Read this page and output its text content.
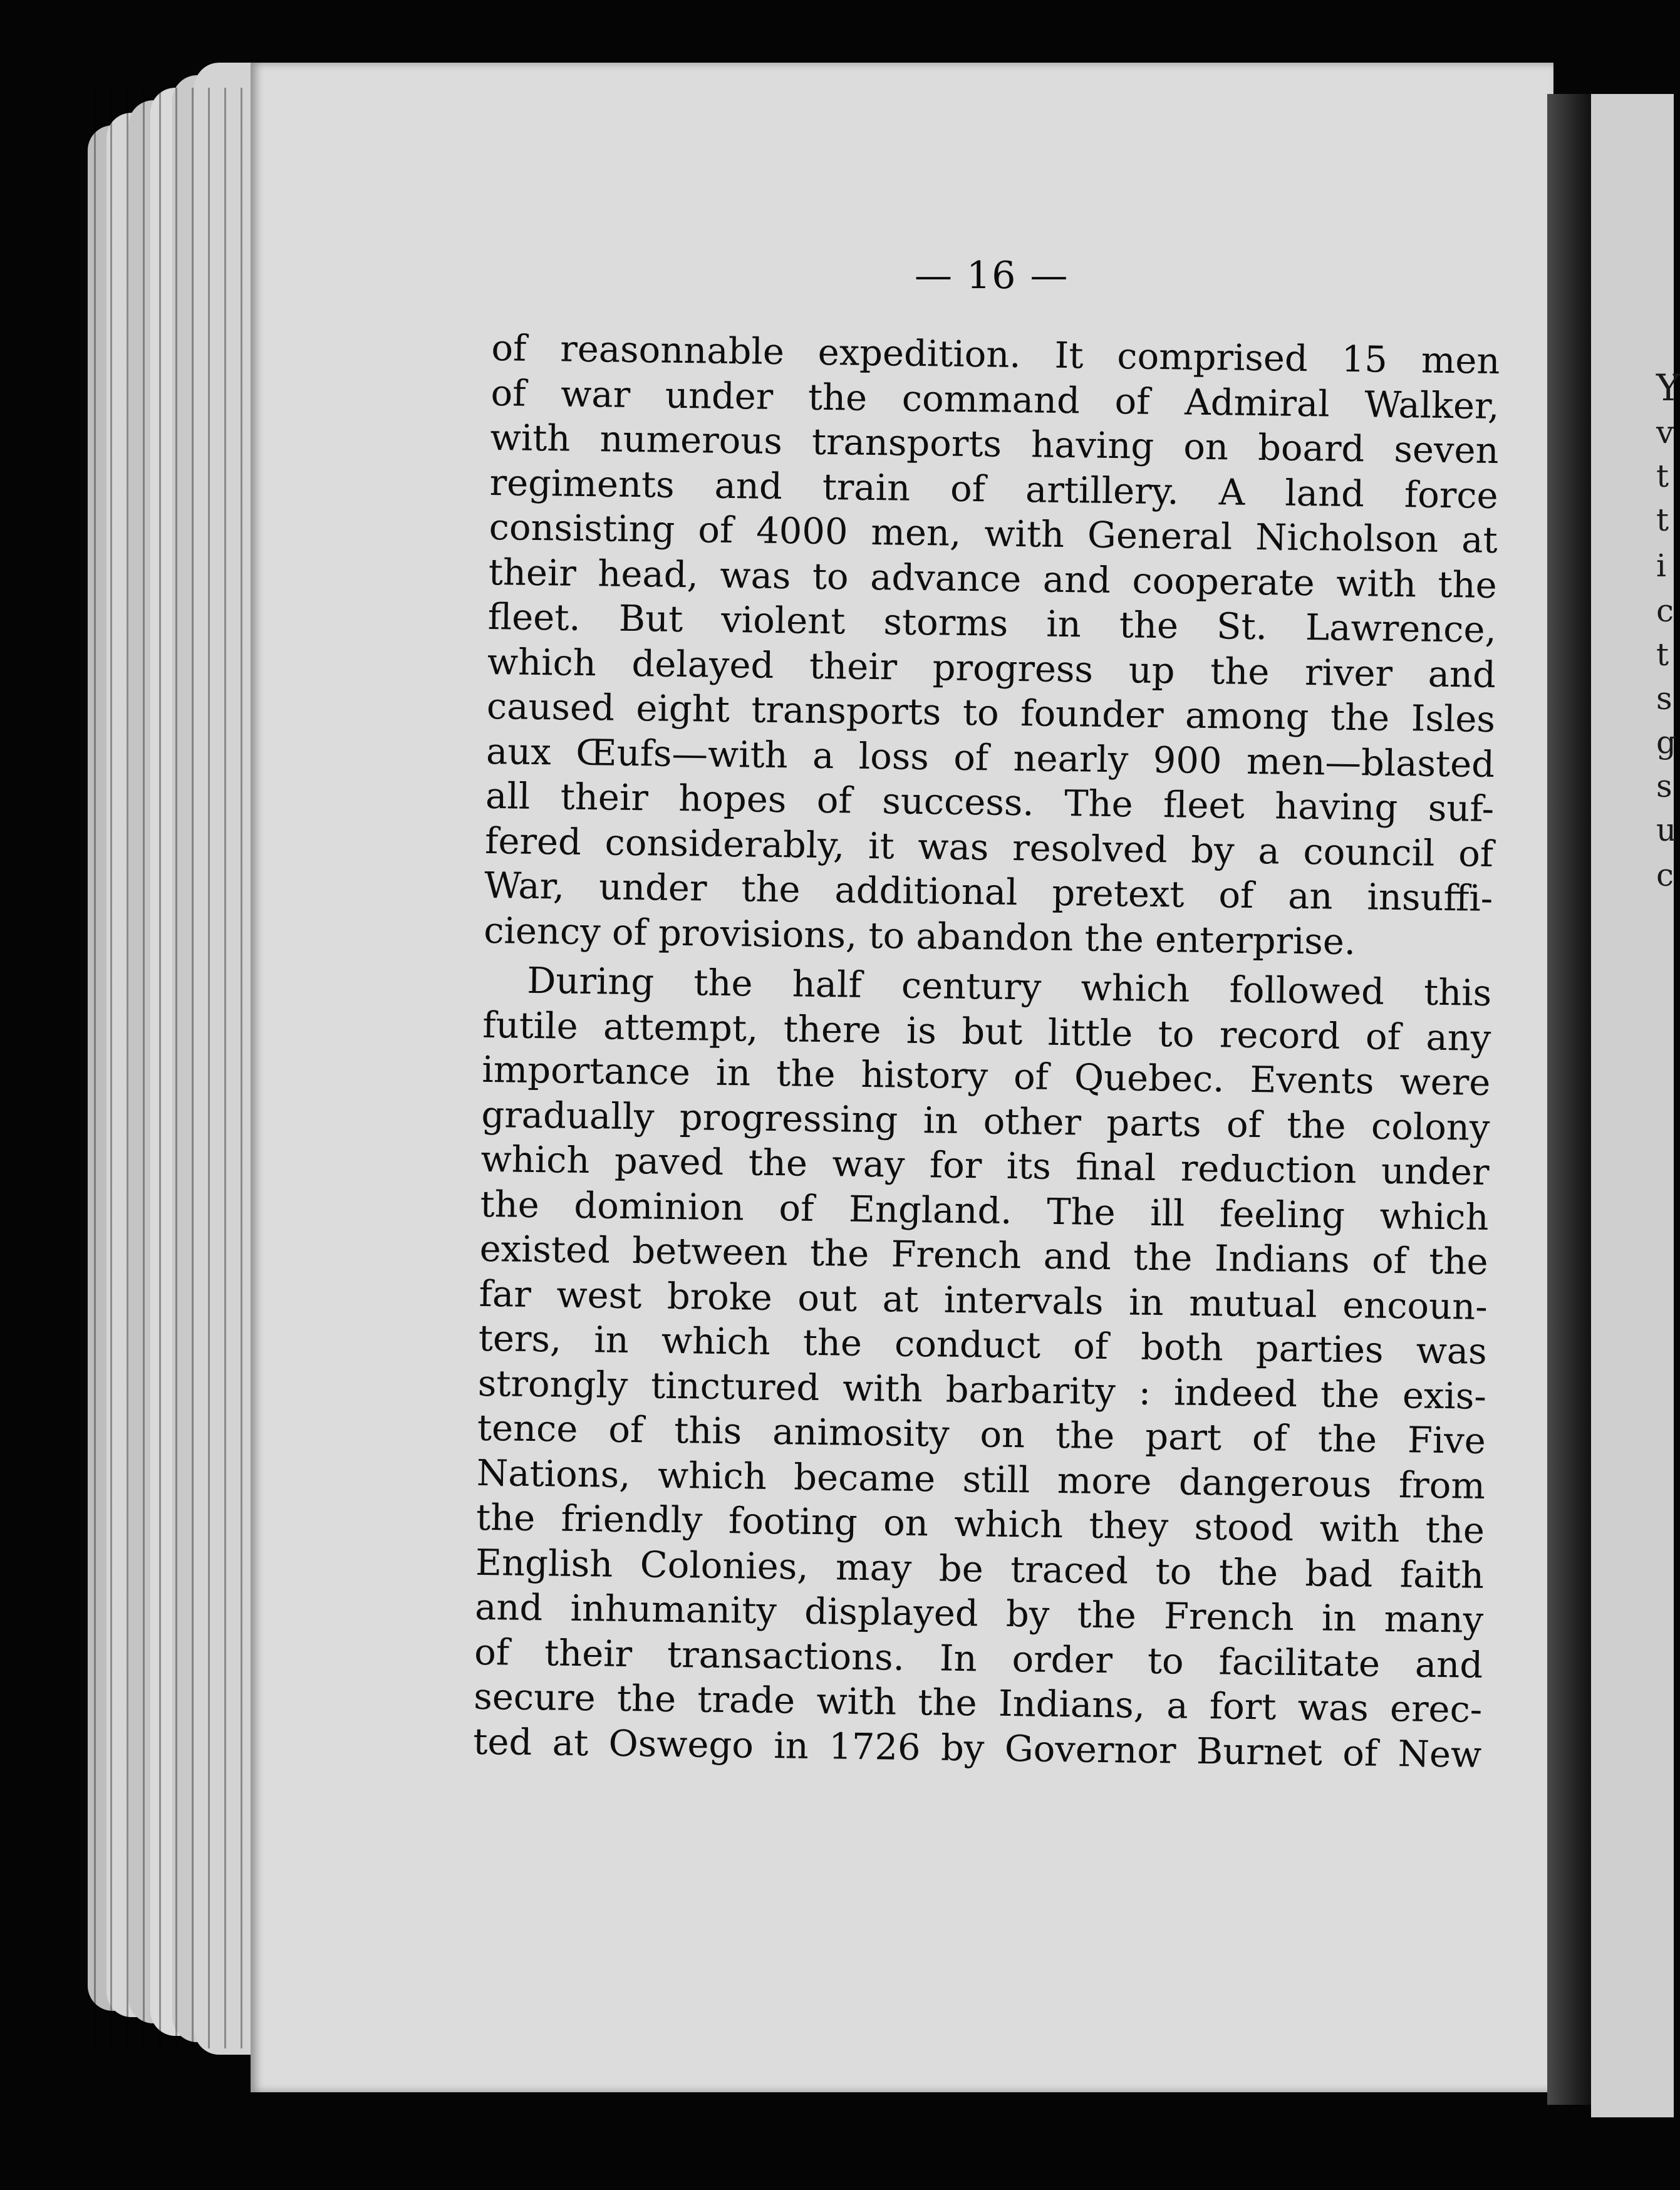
Y
v
t
t
i
c
t
s
g
s
u
c
— 16 —

of reasonnable expedition. It comprised 15 men
of war under the command of Admiral Walker,
with numerous transports having on board seven
regiments and train of artillery. A land force
consisting of 4000 men, with General Nicholson at
their head, was to advance and cooperate with the
fleet. But violent storms in the St. Lawrence,
which delayed their progress up the river and
caused eight transports to founder among the Isles
aux Œufs—with a loss of nearly 900 men—blasted
all their hopes of success. The fleet having suf-
fered considerably, it was resolved by a council of
War, under the additional pretext of an insuffi-
ciency of provisions, to abandon the enterprise.

During the half century which followed this
futile attempt, there is but little to record of any
importance in the history of Quebec. Events were
gradually progressing in other parts of the colony
which paved the way for its final reduction under
the dominion of England. The ill feeling which
existed between the French and the Indians of the
far west broke out at intervals in mutual encoun-
ters, in which the conduct of both parties was
strongly tinctured with barbarity : indeed the exis-
tence of this animosity on the part of the Five
Nations, which became still more dangerous from
the friendly footing on which they stood with the
English Colonies, may be traced to the bad faith
and inhumanity displayed by the French in many
of their transactions. In order to facilitate and
secure the trade with the Indians, a fort was erec-
ted at Oswego in 1726 by Governor Burnet of New
